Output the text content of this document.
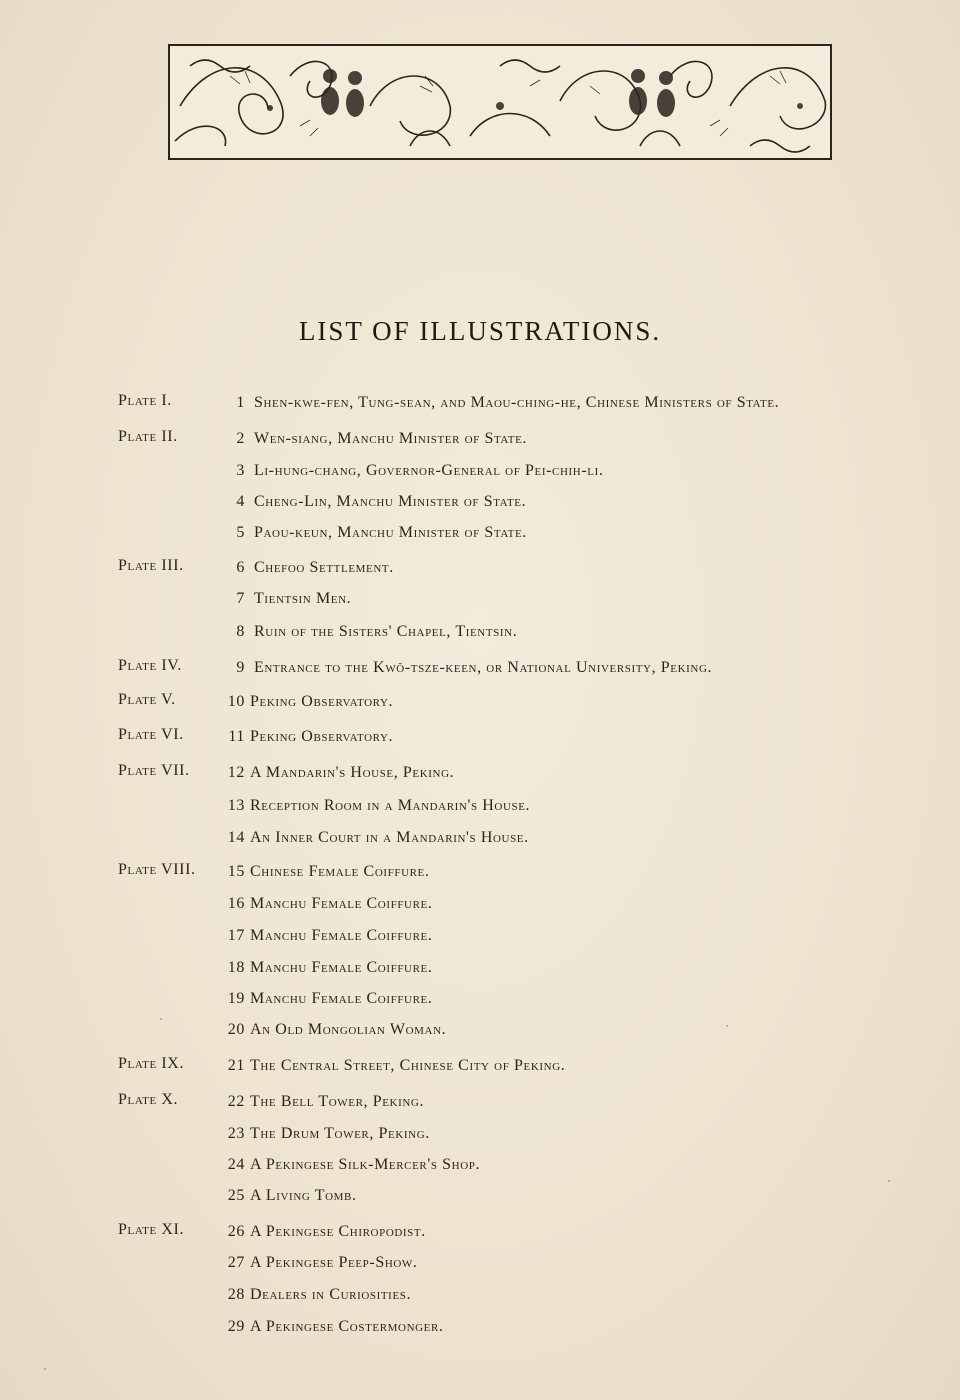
LIST OF ILLUSTRATIONS.
Plate I.	1 Shen-kwe-fen, Tung-sean, and Maou-ching-he, Chinese Ministers of State.
Plate II.	2 Wen-siang, Manchu Minister of State.
3 Li-hung-chang, Governor-General of Pei-chih-li.
4 Cheng-Lin, Manchu Minister of State.
5 Paou-keun, Manchu Minister of State.
Plate III.	6 Chefoo Settlement.
7 Tientsin Men.
8 Ruin of the Sisters' Chapel, Tientsin.
Plate IV.	9 Entrance to the Kwŏ-tsze-keen, or National University, Peking.
Plate V.	10 Peking Observatory.
Plate VI.	11 Peking Observatory.
Plate VII. 12 A Mandarin's House, Peking.
13 Reception Room in a Mandarin's House.
14 An Inner Court in a Mandarin's House.
Plate VIII. 15 Chinese Female Coiffure.
16 Manchu Female Coiffure.
17 Manchu Female Coiffure.
18 Manchu Female Coiffure.
19 Manchu Female Coiffure.
20 An Old Mongolian Woman.
Plate IX.	21 The Central Street, Chinese City of Peking.
Plate X.	22 The Bell Tower, Peking.
23 The Drum Tower, Peking.
24 A Pekingese Silk-Mercer's Shop.
25 A Living Tomb.
Plate XI.	26 A Pekingese Chiropodist.
27 A Pekingese Peep-Show.
28 Dealers in Curiosities.
29 A Pekingese Costermonger.
